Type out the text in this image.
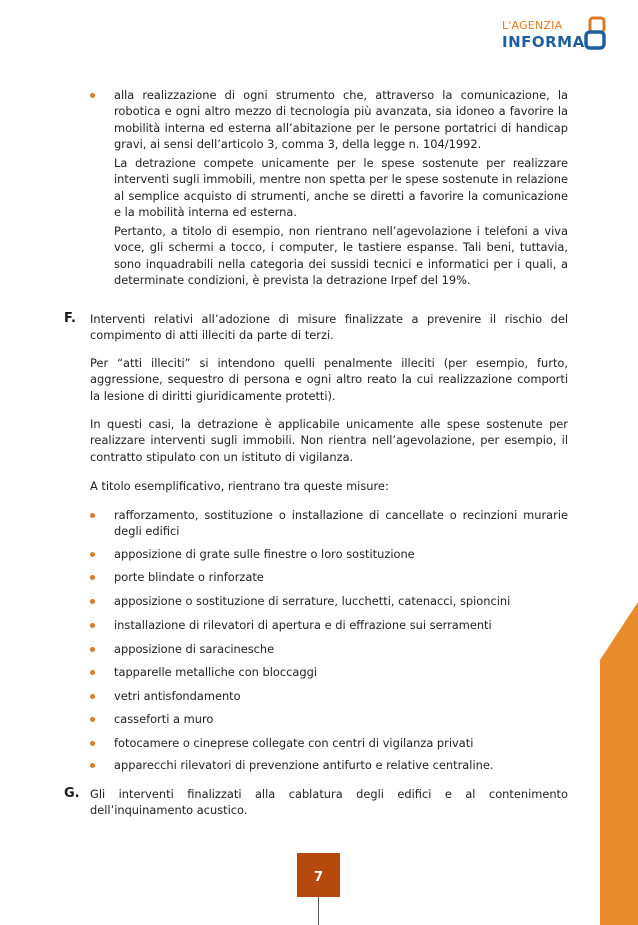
febbraio 2017
L'AGENZIA
INFORMA
alla realizzazione di ogni strumento che, attraverso la comunicazione, la robotica e ogni altro mezzo di tecnologia più avanzata, sia idoneo a favorire la mobilità interna ed esterna all’abitazione per le persone portatrici di handicap gravi, ai sensi dell’articolo 3, comma 3, della legge n. 104/1992.

La detrazione compete unicamente per le spese sostenute per realizzare interventi sugli immobili, mentre non spetta per le spese sostenute in relazione al semplice acquisto di strumenti, anche se diretti a favorire la comunicazione e la mobilità interna ed esterna.

Pertanto, a titolo di esempio, non rientrano nell’agevolazione i telefoni a viva voce, gli schermi a tocco, i computer, le tastiere espanse. Tali beni, tuttavia, sono inquadrabili nella categoria dei sussidi tecnici e informatici per i quali, a determinate condizioni, è prevista la detrazione Irpef del 19%.

F. Interventi relativi all’adozione di misure finalizzate a prevenire il rischio del compimento di atti illeciti da parte di terzi.

Per “atti illeciti” si intendono quelli penalmente illeciti (per esempio, furto, aggressione, sequestro di persona e ogni altro reato la cui realizzazione comporti la lesione di diritti giuridicamente protetti).

In questi casi, la detrazione è applicabile unicamente alle spese sostenute per realizzare interventi sugli immobili. Non rientra nell’agevolazione, per esempio, il contratto stipulato con un istituto di vigilanza.

A titolo esemplificativo, rientrano tra queste misure:

rafforzamento, sostituzione o installazione di cancellate o recinzioni murarie degli edifici
apposizione di grate sulle finestre o loro sostituzione
porte blindate o rinforzate
apposizione o sostituzione di serrature, lucchetti, catenacci, spioncini
installazione di rilevatori di apertura e di effrazione sui serramenti
apposizione di saracinesche
tapparelle metalliche con bloccaggi
vetri antisfondamento
casseforti a muro
fotocamere o cineprese collegate con centri di vigilanza privati
apparecchi rilevatori di prevenzione antifurto e relative centraline.
G. Gli interventi finalizzati alla cablatura degli edifici e al contenimento dell’inquinamento acustico.

7
